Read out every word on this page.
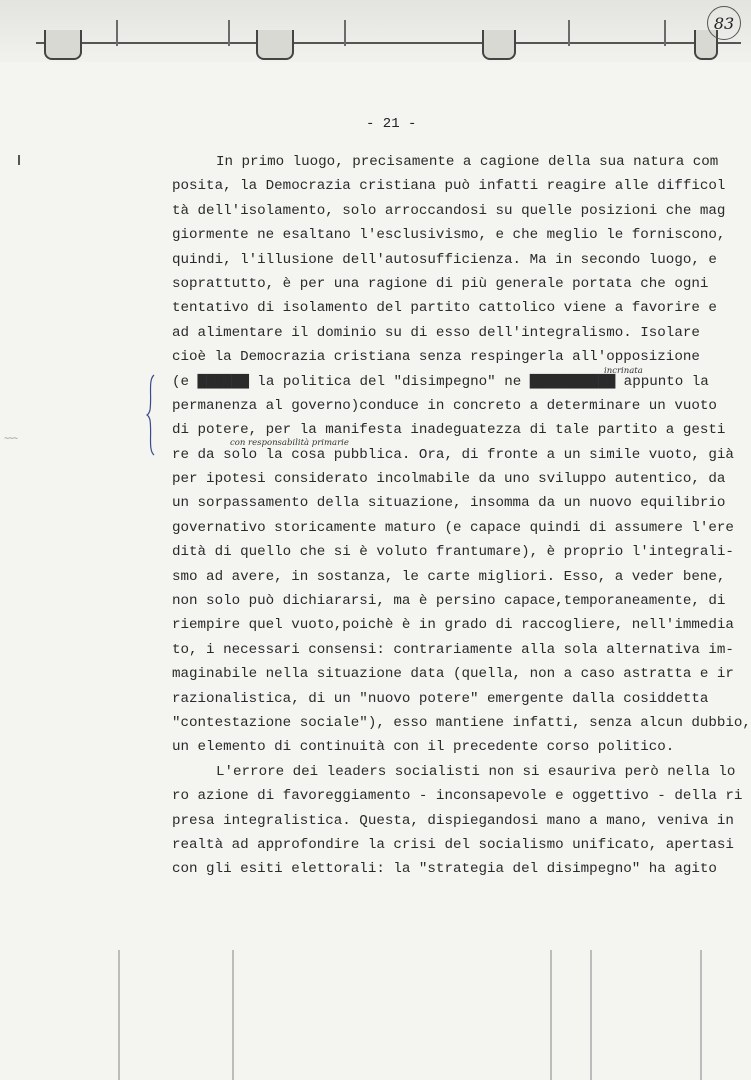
83
- 21 -
~~~
incrinata
con responsabilità primarie
In primo luogo, precisamente a cagione della sua natura com
posita, la Democrazia cristiana può infatti reagire alle difficol
tà dell'isolamento, solo arroccandosi su quelle posizioni che mag
giormente ne esaltano l'esclusivismo, e che meglio le forniscono,
quindi, l'illusione dell'autosufficienza. Ma in secondo luogo, e
soprattutto, è per una ragione di più generale portata che ogni
tentativo di isolamento del partito cattolico viene a favorire e
ad alimentare il dominio su di esso dell'integralismo. Isolare
cioè la Democrazia cristiana senza respingerla all'opposizione
(e ▇▇▇▇▇▇ la politica del "disimpegno" ne ▇▇▇▇▇▇▇▇▇▇ appunto la
permanenza al governo)conduce in concreto a determinare un vuoto
di potere, per la manifesta inadeguatezza di tale partito a gesti
re da solo la cosa pubblica. Ora, di fronte a un simile vuoto, già
per ipotesi considerato incolmabile da uno sviluppo autentico, da
un sorpassamento della situazione, insomma da un nuovo equilibrio
governativo storicamente maturo (e capace quindi di assumere l'ere
dità di quello che si è voluto frantumare), è proprio l'integrali-
smo ad avere, in sostanza, le carte migliori. Esso, a veder bene,
non solo può dichiararsi, ma è persino capace,temporaneamente, di
riempire quel vuoto,poichè è in grado di raccogliere, nell'immedia
to, i necessari consensi: contrariamente alla sola alternativa im-
maginabile nella situazione data (quella, non a caso astratta e ir
razionalistica, di un "nuovo potere" emergente dalla cosiddetta
"contestazione sociale"), esso mantiene infatti, senza alcun dubbio,
un elemento di continuità con il precedente corso politico.
L'errore dei leaders socialisti non si esauriva però nella lo
ro azione di favoreggiamento - inconsapevole e oggettivo - della ri
presa integralistica. Questa, dispiegandosi mano a mano, veniva in
realtà ad approfondire la crisi del socialismo unificato, apertasi
con gli esiti elettorali: la "strategia del disimpegno" ha agito
